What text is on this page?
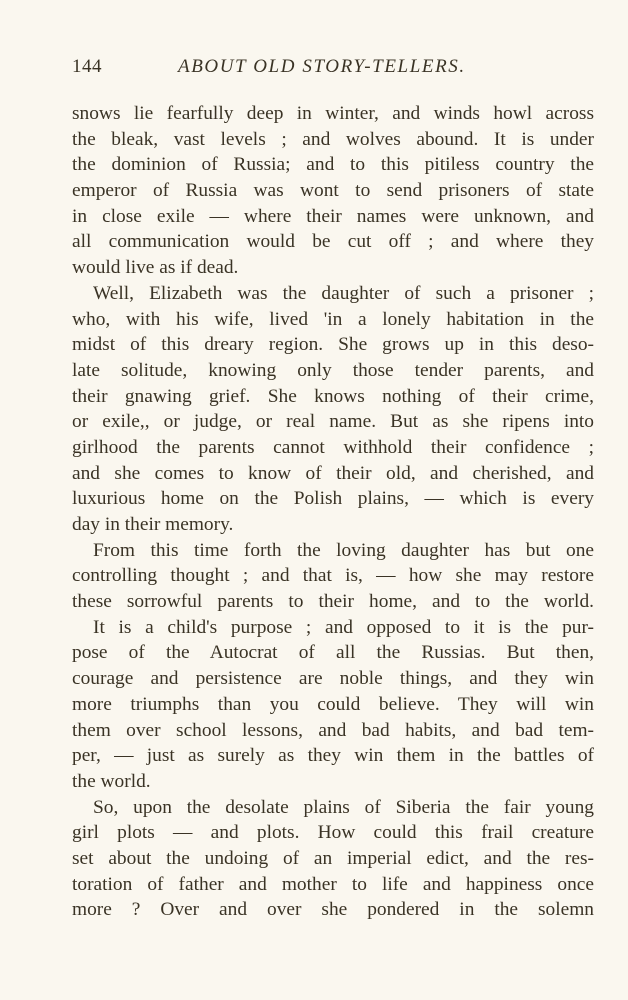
144	ABOUT OLD STORY-TELLERS.
snows lie fearfully deep in winter, and winds howl across
the bleak, vast levels ; and wolves abound. It is under
the dominion of Russia; and to this pitiless country the
emperor of Russia was wont to send prisoners of state
in close exile — where their names were unknown, and
all communication would be cut off ; and where they
would live as if dead.
Well, Elizabeth was the daughter of such a prisoner ;
who, with his wife, lived 'in a lonely habitation in the
midst of this dreary region. She grows up in this deso-
late solitude, knowing only those tender parents, and
their gnawing grief. She knows nothing of their crime,
or exile,, or judge, or real name. But as she ripens into
girlhood the parents cannot withhold their confidence ;
and she comes to know of their old, and cherished, and
luxurious home on the Polish plains, — which is every
day in their memory.
From this time forth the loving daughter has but one
controlling thought ; and that is, — how she may restore
these sorrowful parents to their home, and to the world.
It is a child's purpose ; and opposed to it is the pur-
pose of the Autocrat of all the Russias. But then,
courage and persistence are noble things, and they win
more triumphs than you could believe. They will win
them over school lessons, and bad habits, and bad tem-
per, — just as surely as they win them in the battles of
the world.
So, upon the desolate plains of Siberia the fair young
girl plots — and plots. How could this frail creature
set about the undoing of an imperial edict, and the res-
toration of father and mother to life and happiness once
more ? Over and over she pondered in the solemn
